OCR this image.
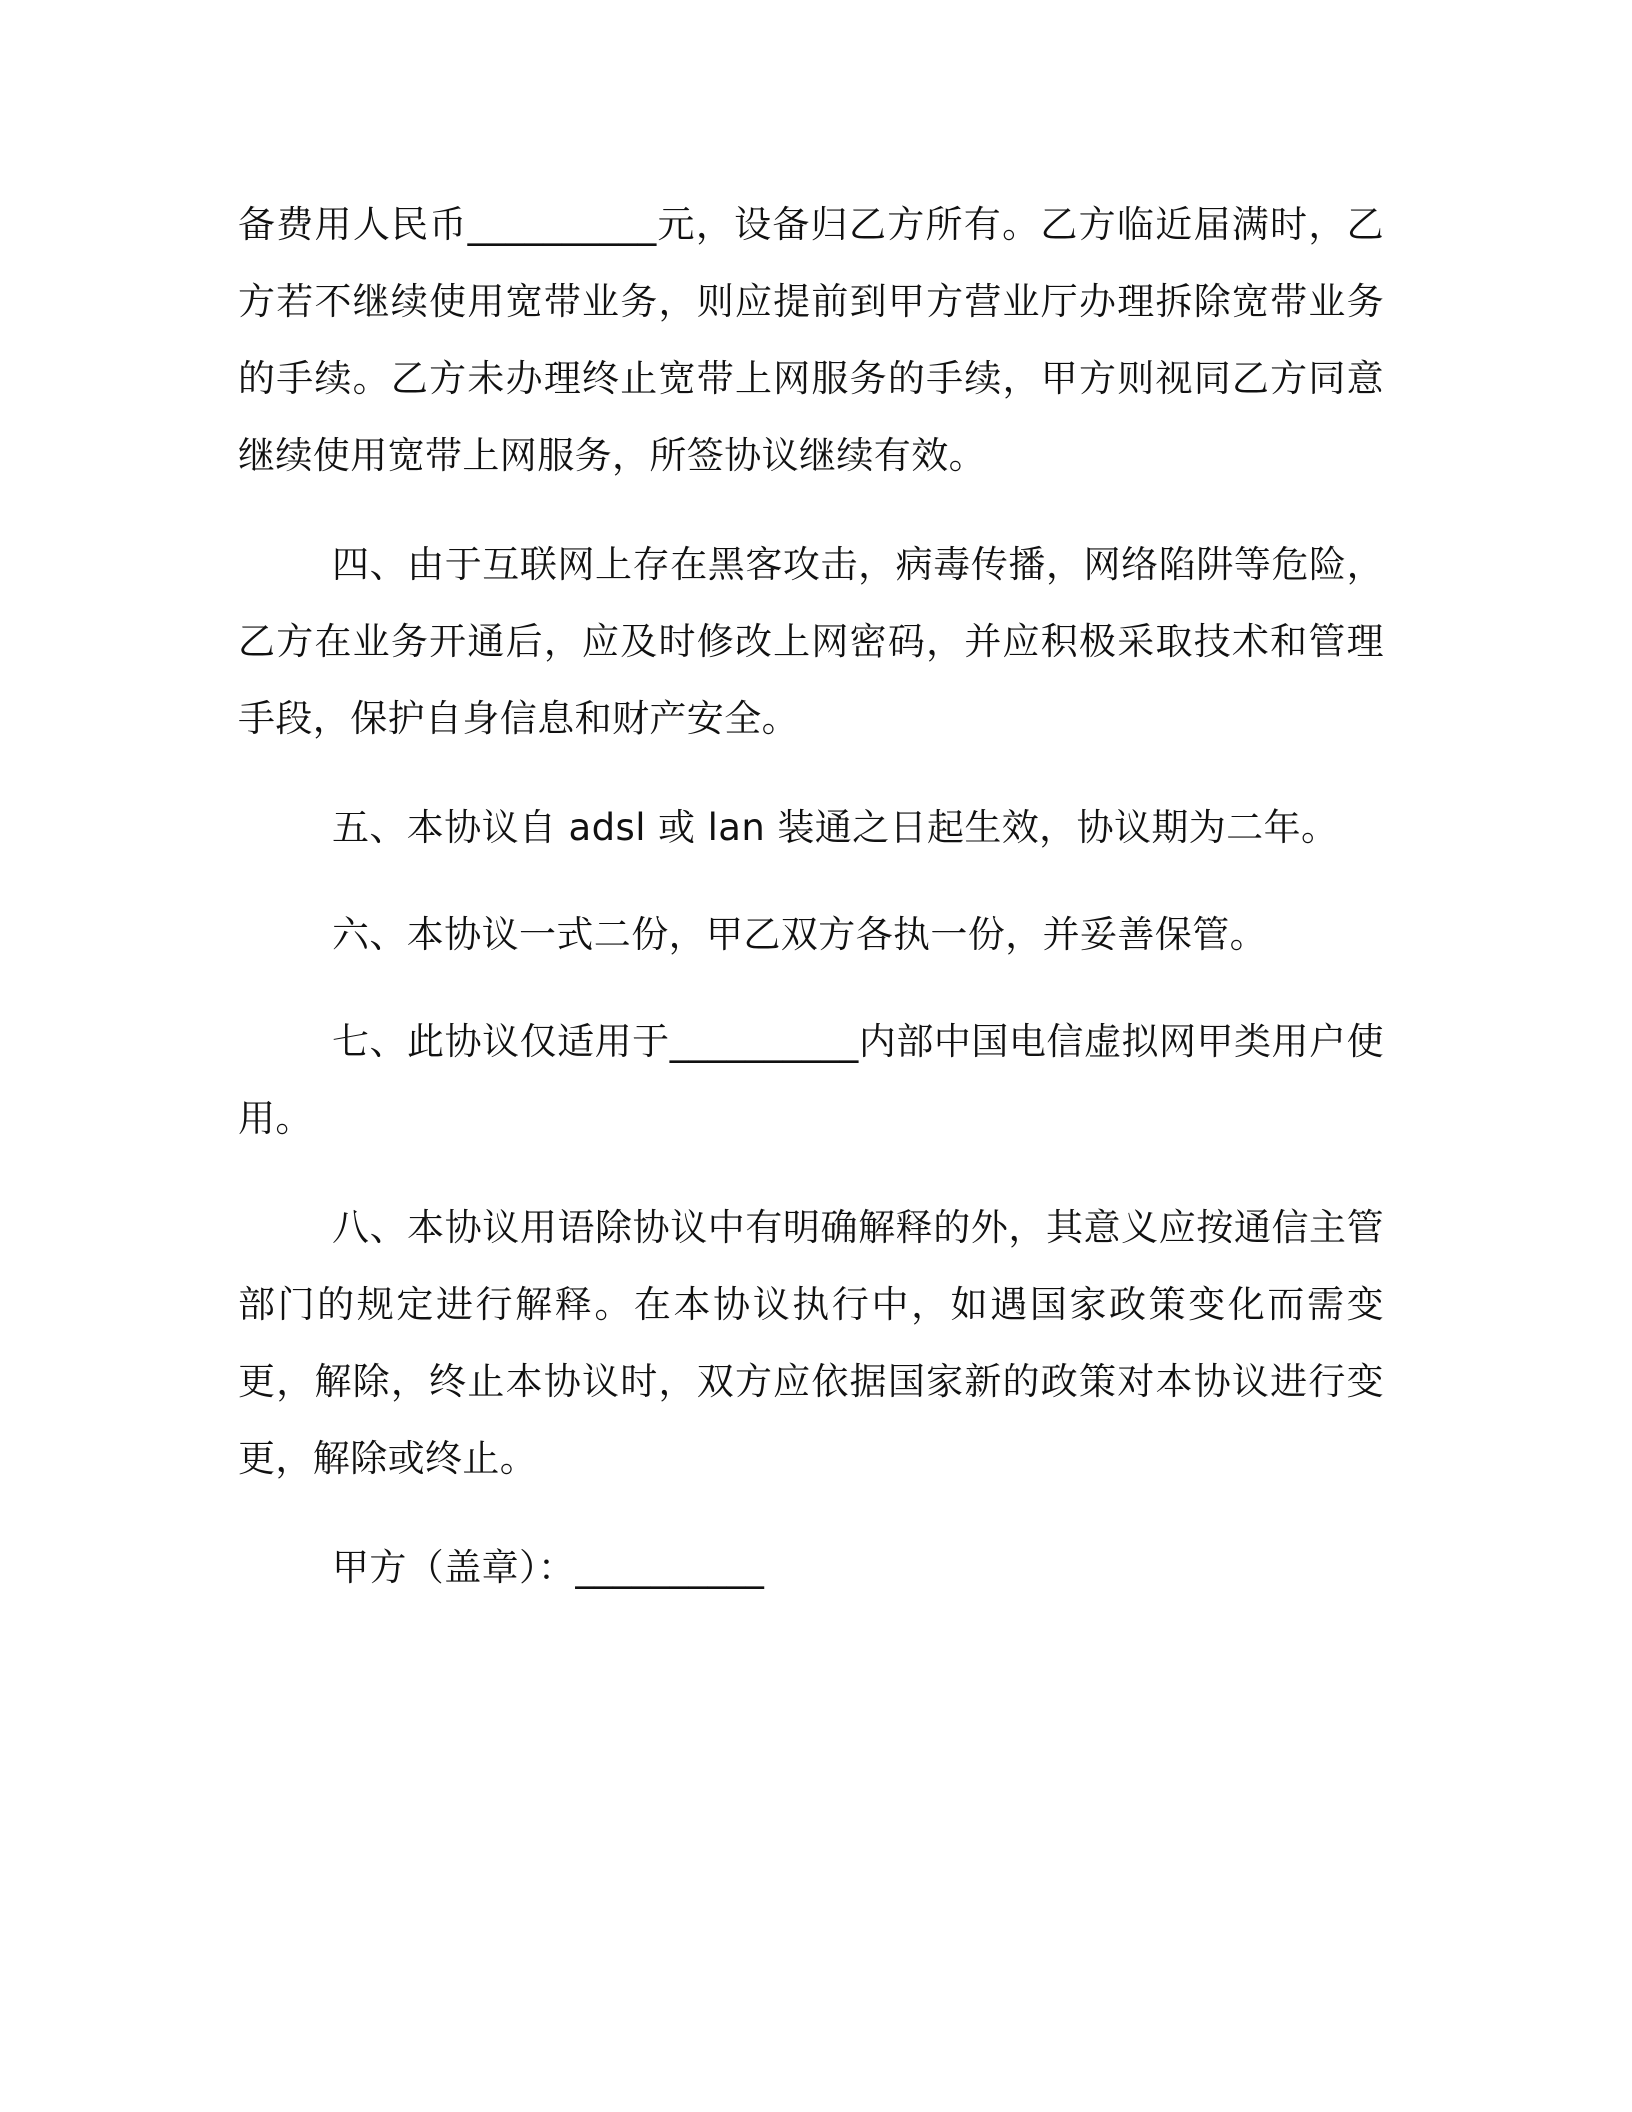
备费用人民币__________元，设备归乙方所有。乙方临近届满时，乙方若不继续使用宽带业务，则应提前到甲方营业厅办理拆除宽带业务的手续。乙方未办理终止宽带上网服务的手续，甲方则视同乙方同意继续使用宽带上网服务，所签协议继续有效。

四、由于互联网上存在黑客攻击，病毒传播，网络陷阱等危险，乙方在业务开通后，应及时修改上网密码，并应积极采取技术和管理手段，保护自身信息和财产安全。

五、本协议自 adsl 或 lan 装通之日起生效，协议期为二年。

六、本协议一式二份，甲乙双方各执一份，并妥善保管。

七、此协议仅适用于__________内部中国电信虚拟网甲类用户使用。

八、本协议用语除协议中有明确解释的外，其意义应按通信主管部门的规定进行解释。在本协议执行中，如遇国家政策变化而需变更，解除，终止本协议时，双方应依据国家新的政策对本协议进行变更，解除或终止。

甲方（盖章）：__________
